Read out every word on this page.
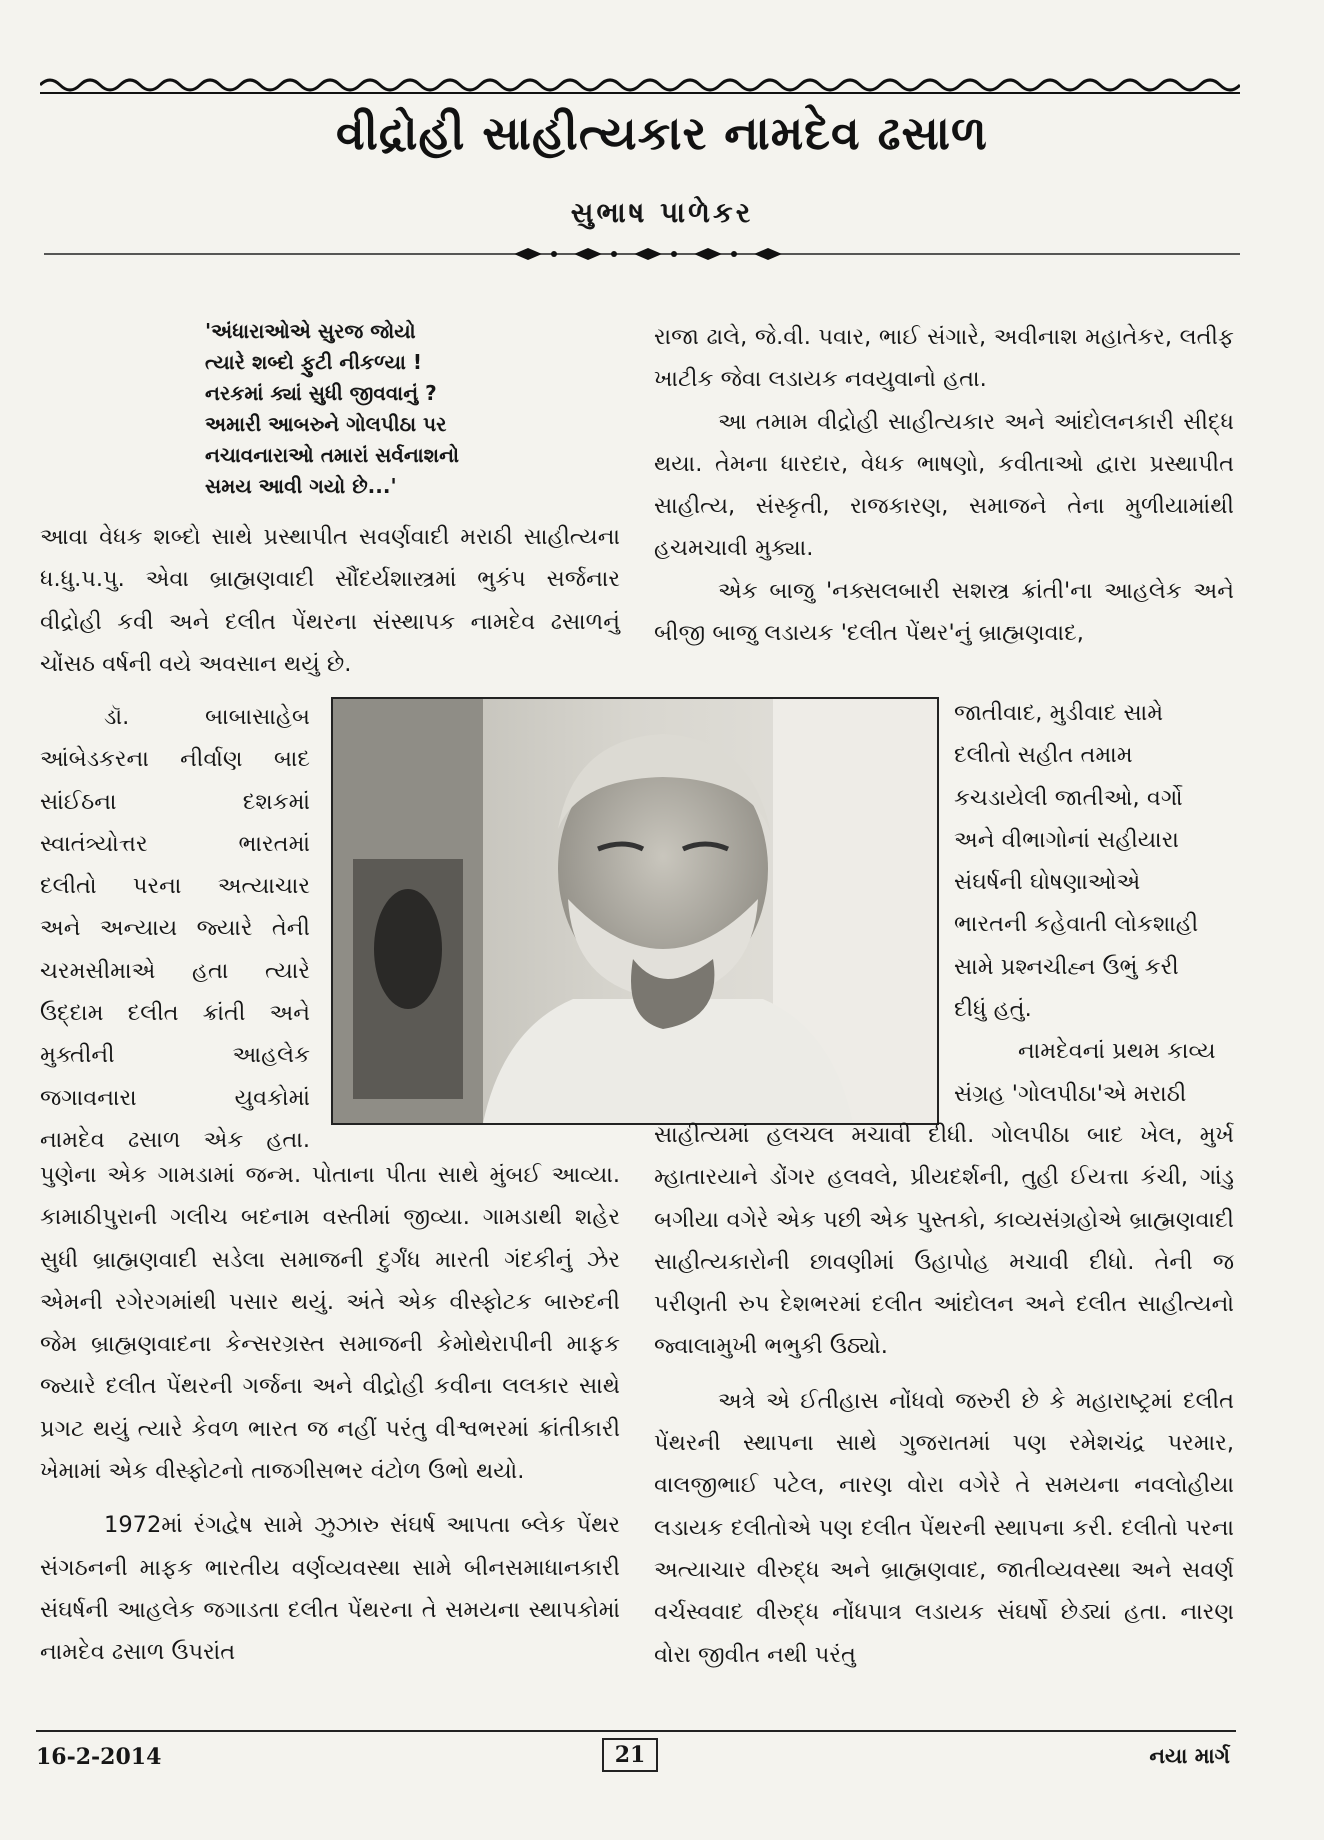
વીદ્રોહી સાહીત્યકાર નામદેવ ઢસાળ
સુભાષ પાળેકર
'અંધારાઓએ સુરજ જોયો
ત્યારે શબ્દો ફુટી નીકળ્યા !
નરકમાં ક્યાં સુધી જીવવાનું ?
અમારી આબરુને ગોલપીઠા પર
નચાવનારાઓ તમારાં સર્વનાશનો
સમય આવી ગયો છે...'

આવા વેધક શબ્દો સાથે પ્રસ્થાપીત સવર્ણવાદી મરાઠી સાહીત્યના ધ.ધુ.પ.પુ. એવા બ્રાહ્મણવાદી સૌંદર્યશાસ્ત્રમાં ભુકંપ સર્જનાર વીદ્રોહી કવી અને દલીત પેંથરના સંસ્થાપક નામદેવ ઢસાળનું ચોંસઠ વર્ષની વયે અવસાન થયું છે.

ડૉ. બાબાસાહેબ
આંબેડકરના નીર્વાણ બાદ
સાંઈઠના દશકમાં
સ્વાતંત્ર્યોત્તર ભારતમાં
દલીતો પરના અત્યાચાર
અને અન્યાય જ્યારે તેની
ચરમસીમાએ હતા ત્યારે
ઉદ્દામ દલીત ક્રાંતી અને
મુક્તીની આહલેક
જગાવનારા યુવકોમાં
નામદેવ ઢસાળ એક હતા.

પુણેના એક ગામડામાં જન્મ. પોતાના પીતા સાથે મુંબઈ આવ્યા. કામાઠીપુરાની ગલીચ બદનામ વસ્તીમાં જીવ્યા. ગામડાથી શહેર સુધી બ્રાહ્મણવાદી સડેલા સમાજની દુર્ગંધ મારતી ગંદકીનું ઝેર એમની રગેરગમાંથી પસાર થયું. અંતે એક વીસ્ફોટક બારુદની જેમ બ્રાહ્મણવાદના કેન્સરગ્રસ્ત સમાજની કેમોથેરાપીની માફક જ્યારે દલીત પેંથરની ગર્જના અને વીદ્રોહી કવીના લલકાર સાથે પ્રગટ થયું ત્યારે કેવળ ભારત જ નહીં પરંતુ વીશ્વભરમાં ક્રાંતીકારી ખેમામાં એક વીસ્ફોટનો તાજગીસભર વંટોળ ઉભો થયો.

1972માં રંગદ્વેષ સામે ઝુઝારુ સંઘર્ષ આપતા બ્લેક પેંથર સંગઠનની માફક ભારતીય વર્ણવ્યવસ્થા સામે બીનસમાધાનકારી સંઘર્ષની આહલેક જગાડતા દલીત પેંથરના તે સમયના સ્થાપકોમાં નામદેવ ઢસાળ ઉપરાંત

રાજા ઢાલે, જે.વી. પવાર, ભાઈ સંગારે, અવીનાશ મહાતેકર, લતીફ ખાટીક જેવા લડાયક નવયુવાનો હતા.

આ તમામ વીદ્રોહી સાહીત્યકાર અને આંદોલનકારી સીદ્ધ થયા. તેમના ધારદાર, વેધક ભાષણો, કવીતાઓ દ્વારા પ્રસ્થાપીત સાહીત્ય, સંસ્કૃતી, રાજકારણ, સમાજને તેના મુળીયામાંથી હચમચાવી મુક્યા.

એક બાજુ 'નક્સલબારી સશસ્ત્ર ક્રાંતી'ના આહલેક અને બીજી બાજુ લડાયક 'દલીત પેંથર'નું બ્રાહ્મણવાદ,

જાતીવાદ, મુડીવાદ સામે
દલીતો સહીત તમામ
કચડાયેલી જાતીઓ, વર્ગો
અને વીભાગોનાં સહીયારા
સંઘર્ષની ઘોષણાઓએ
ભારતની કહેવાતી લોકશાહી
સામે પ્રશ્નચીહ્ન ઉભું કરી
દીધું હતું.
નામદેવનાં પ્રથમ કાવ્ય
સંગ્રહ 'ગોલપીઠા'એ મરાઠી

સાહીત્યમાં હલચલ મચાવી દીધી. ગોલપીઠા બાદ ખેલ, મુર્ખ મ્હાતારયાને ડોંગર હલવલે, પ્રીયદર્શની, તુહી ઈયત્તા કંચી, ગાંડુ બગીયા વગેરે એક પછી એક પુસ્તકો, કાવ્યસંગ્રહોએ બ્રાહ્મણવાદી સાહીત્યકારોની છાવણીમાં ઉહાપોહ મચાવી દીધો. તેની જ પરીણતી રુપ દેશભરમાં દલીત આંદોલન અને દલીત સાહીત્યનો જ્વાલામુખી ભભુકી ઉઠ્યો.

અત્રે એ ઈતીહાસ નોંધવો જરુરી છે કે મહારાષ્ટ્રમાં દલીત પેંથરની સ્થાપના સાથે ગુજરાતમાં પણ રમેશચંદ્ર પરમાર, વાલજીભાઈ પટેલ, નારણ વોરા વગેરે તે સમયના નવલોહીયા લડાયક દલીતોએ પણ દલીત પેંથરની સ્થાપના કરી. દલીતો પરના અત્યાચાર વીરુદ્ધ અને બ્રાહ્મણવાદ, જાતીવ્યવસ્થા અને સવર્ણ વર્ચસ્વવાદ વીરુદ્ધ નોંધપાત્ર લડાયક સંઘર્ષો છેડ્યાં હતા. નારણ વોરા જીવીત નથી પરંતુ

16-2-2014	21	નયા માર્ગ
